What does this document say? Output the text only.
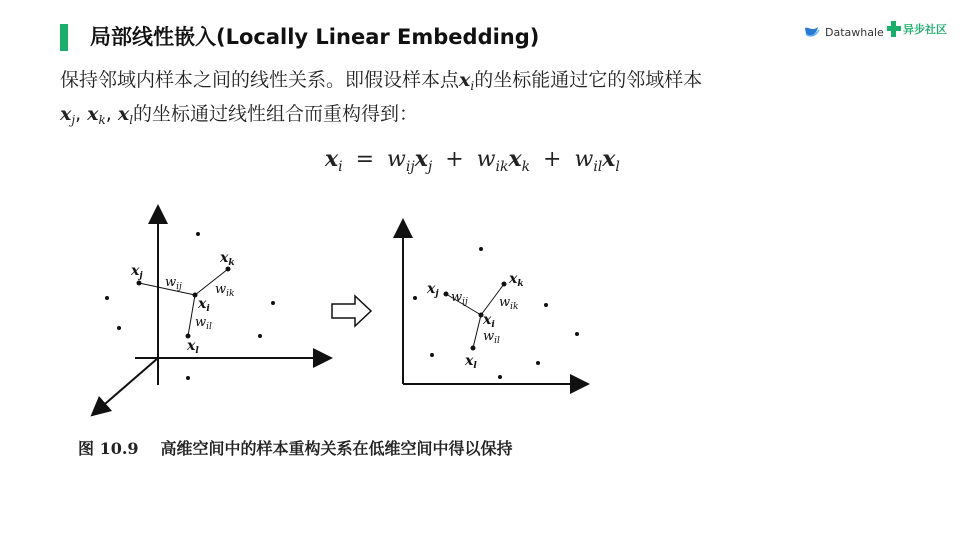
局部线性嵌入(Locally Linear Embedding)	Datawhale 异步社区
保持邻域内样本之间的线性关系。即假设样本点$x_i$的坐标能通过它的邻域样本
$x_j$, $x_k$, $x_l$的坐标通过线性组合而重构得到：
$x_i = w_{ij}x_j + w_{ik}x_k + w_{il}x_l$
$x_j$
$x_k$
$x_i$
$x_l$
$w_{ij}$	$w_{ik}$
$w_{il}$
$x_j$
$x_k$
$x_i$
$x_l$
$w_{ij}$ $w_{ik}$
$w_{il}$
图 10.9 高维空间中的样本重构关系在低维空间中得以保持
